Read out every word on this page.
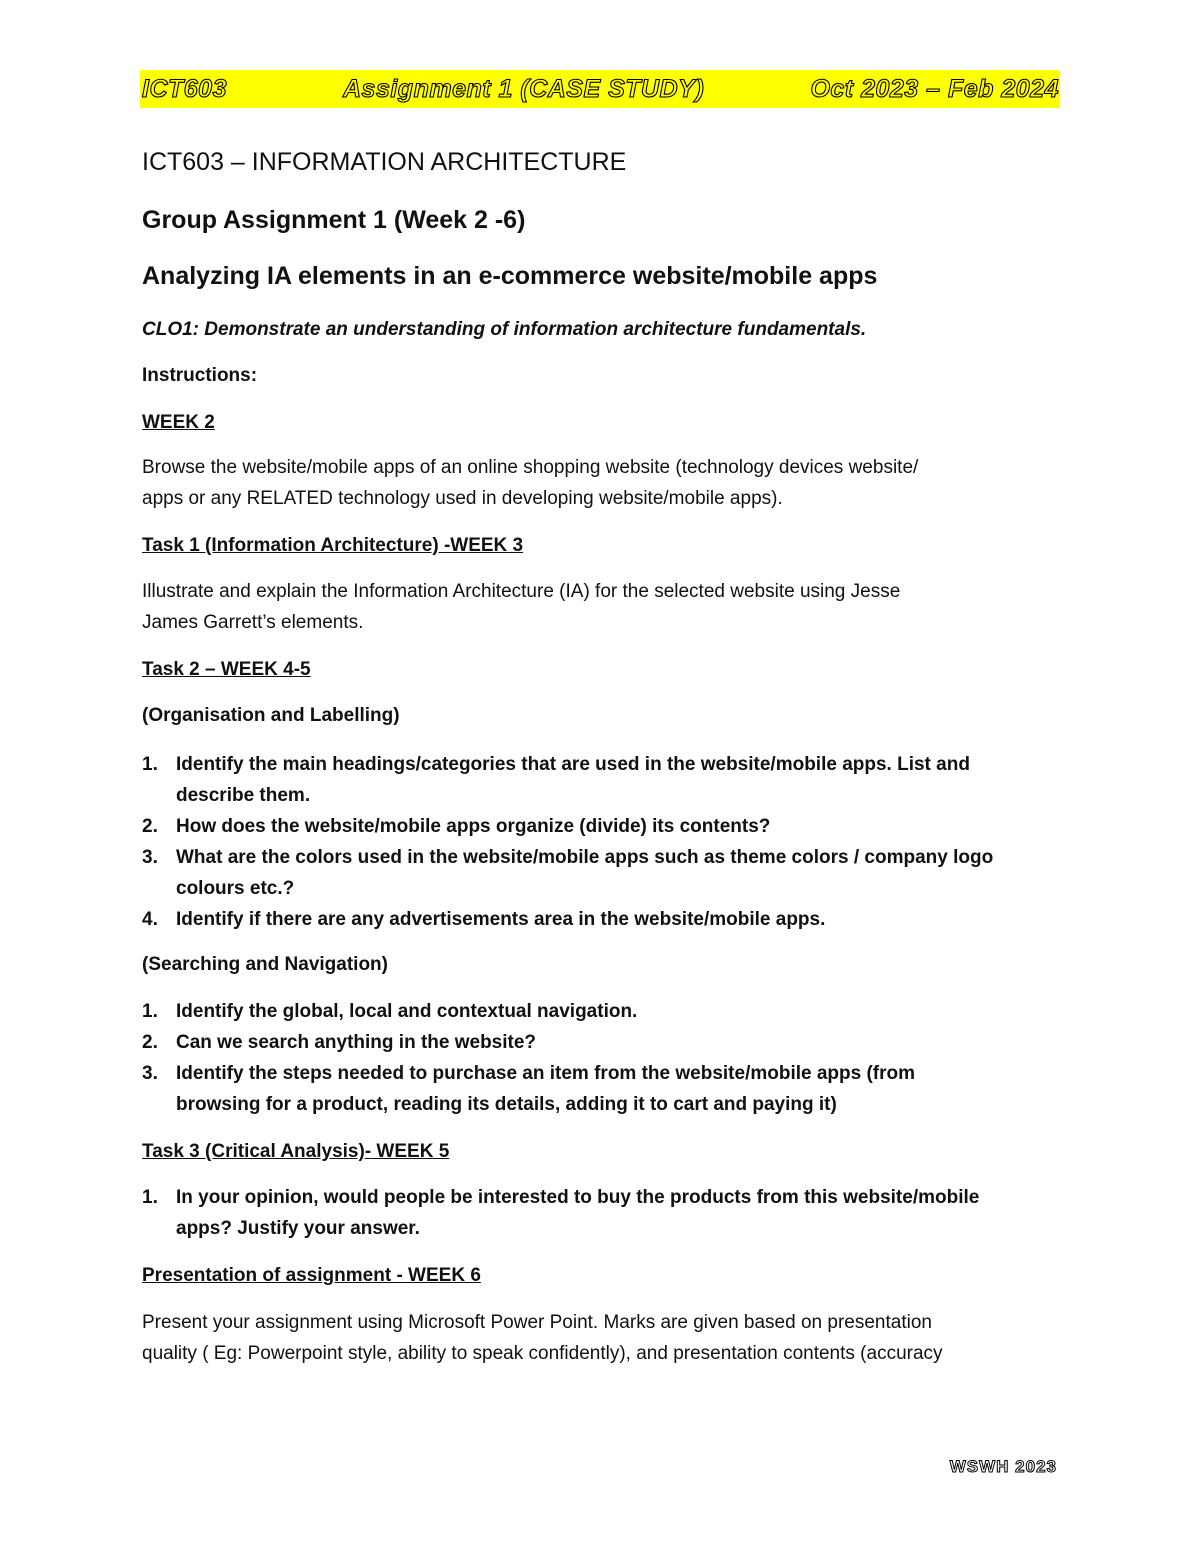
ICT603	Assignment 1 (CASE STUDY)	Oct 2023 – Feb 2024
ICT603 – INFORMATION ARCHITECTURE
Group Assignment 1 (Week 2 -6)
Analyzing IA elements in an e-commerce website/mobile apps
CLO1: Demonstrate an understanding of information architecture fundamentals.
Instructions:
WEEK 2
Browse the website/mobile apps of an online shopping website (technology devices website/
apps or any RELATED technology used in developing website/mobile apps).
Task 1 (Information Architecture) -WEEK 3
Illustrate and explain the Information Architecture (IA) for the selected website using Jesse
James Garrett’s elements.
Task 2 – WEEK 4-5
(Organisation and Labelling)
1. Identify the main headings/categories that are used in the website/mobile apps. List and
describe them.
2. How does the website/mobile apps organize (divide) its contents?
3. What are the colors used in the website/mobile apps such as theme colors / company logo
colours etc.?
4. Identify if there are any advertisements area in the website/mobile apps.
(Searching and Navigation)
1. Identify the global, local and contextual navigation.
2. Can we search anything in the website?
3. Identify the steps needed to purchase an item from the website/mobile apps (from
browsing for a product, reading its details, adding it to cart and paying it)
Task 3 (Critical Analysis)- WEEK 5
1. In your opinion, would people be interested to buy the products from this website/mobile
apps? Justify your answer.
Presentation of assignment - WEEK 6
Present your assignment using Microsoft Power Point. Marks are given based on presentation
quality ( Eg: Powerpoint style, ability to speak confidently), and presentation contents (accuracy
WSWH 2023
